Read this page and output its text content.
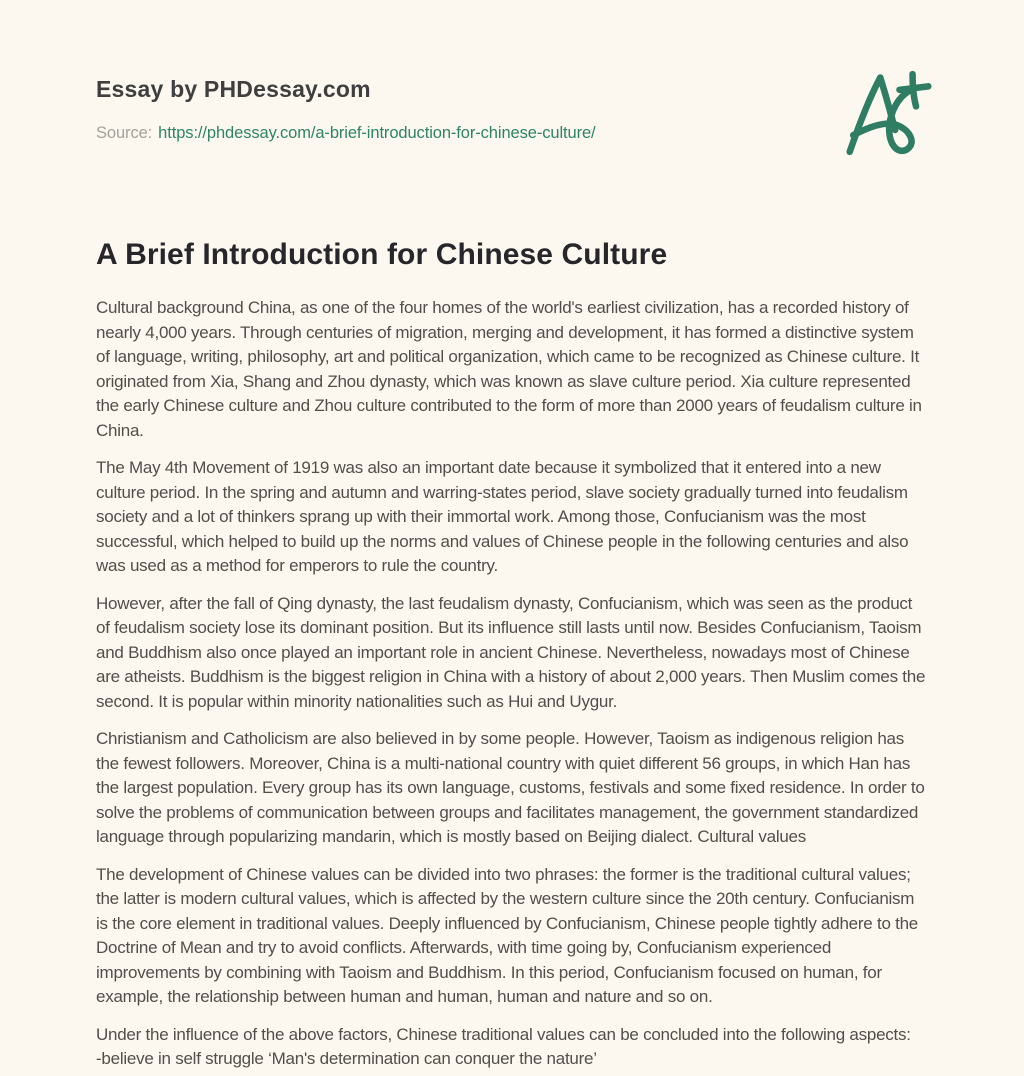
Essay by PHDessay.com
Source: https://phdessay.com/a-brief-introduction-for-chinese-culture/
A Brief Introduction for Chinese Culture

Cultural background China, as one of the four homes of the world's earliest civilization, has a recorded history of nearly 4,000 years. Through centuries of migration, merging and development, it has formed a distinctive system of language, writing, philosophy, art and political organization, which came to be recognized as Chinese culture. It originated from Xia, Shang and Zhou dynasty, which was known as slave culture period. Xia culture represented the early Chinese culture and Zhou culture contributed to the form of more than 2000 years of feudalism culture in China.

The May 4th Movement of 1919 was also an important date because it symbolized that it entered into a new culture period. In the spring and autumn and warring-states period, slave society gradually turned into feudalism society and a lot of thinkers sprang up with their immortal work. Among those, Confucianism was the most successful, which helped to build up the norms and values of Chinese people in the following centuries and also was used as a method for emperors to rule the country.

However, after the fall of Qing dynasty, the last feudalism dynasty, Confucianism, which was seen as the product of feudalism society lose its dominant position. But its influence still lasts until now. Besides Confucianism, Taoism and Buddhism also once played an important role in ancient Chinese. Nevertheless, nowadays most of Chinese are atheists. Buddhism is the biggest religion in China with a history of about 2,000 years. Then Muslim comes the second. It is popular within minority nationalities such as Hui and Uygur.

Christianism and Catholicism are also believed in by some people. However, Taoism as indigenous religion has the fewest followers. Moreover, China is a multi-national country with quiet different 56 groups, in which Han has the largest population. Every group has its own language, customs, festivals and some fixed residence. In order to solve the problems of communication between groups and facilitates management, the government standardized language through popularizing mandarin, which is mostly based on Beijing dialect. Cultural values

The development of Chinese values can be divided into two phrases: the former is the traditional cultural values; the latter is modern cultural values, which is affected by the western culture since the 20th century. Confucianism is the core element in traditional values. Deeply influenced by Confucianism, Chinese people tightly adhere to the Doctrine of Mean and try to avoid conflicts. Afterwards, with time going by, Confucianism experienced improvements by combining with Taoism and Buddhism. In this period, Confucianism focused on human, for example, the relationship between human and human, human and nature and so on.

Under the influence of the above factors, Chinese traditional values can be concluded into the following aspects:
-believe in self struggle ‘Man's determination can conquer the nature’
